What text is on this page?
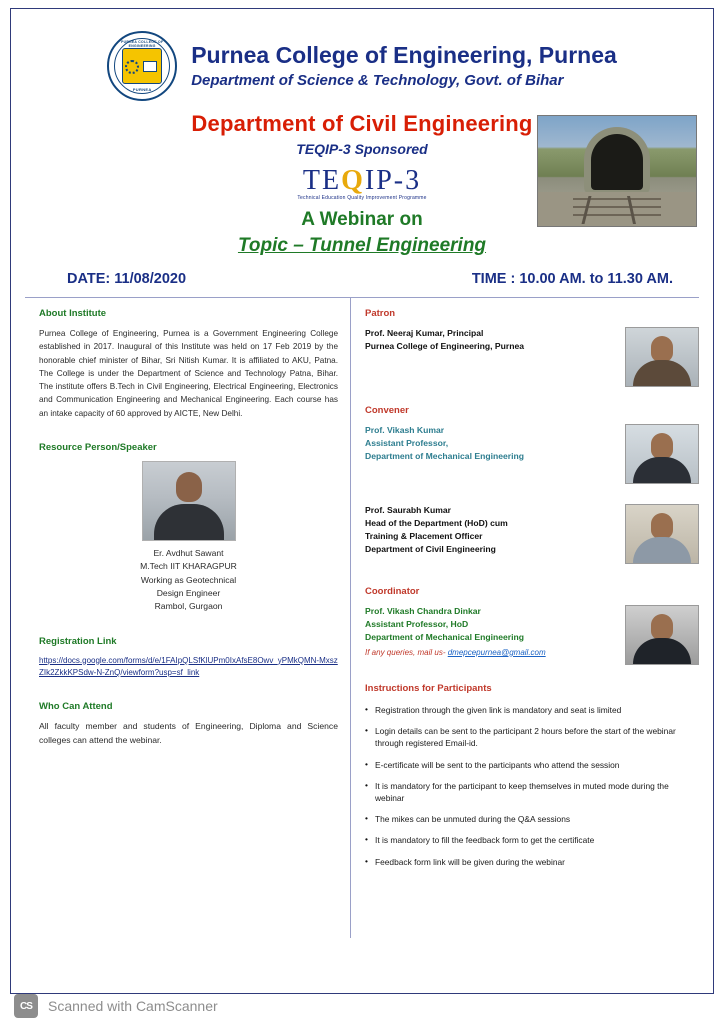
PURNEA COLLEGE OF ENGINEERING
PURNEA
Purnea College of Engineering, Purnea
Department of Science & Technology, Govt. of Bihar
Department of Civil Engineering
TEQIP-3 Sponsored
TEQIP-3
Technical Education Quality Improvement Programme
A Webinar on
Topic – Tunnel Engineering
DATE: 11/08/2020	TIME : 10.00 AM. to 11.30 AM.
About Institute
Purnea College of Engineering, Purnea is a Government Engineering College established in 2017. Inaugural of this Institute was held on 17 Feb 2019 by the honorable chief minister of Bihar, Sri Nitish Kumar. It is affiliated to AKU, Patna. The College is under the Department of Science and Technology Patna, Bihar. The institute offers B.Tech in Civil Engineering, Electrical Engineering, Electronics and Communication Engineering and Mechanical Engineering. Each course has an intake capacity of 60 approved by AICTE, New Delhi.
Resource Person/Speaker
Er. Avdhut Sawant
M.Tech IIT KHARAGPUR
Working as Geotechnical
Design Engineer
Rambol, Gurgaon
Registration Link
https://docs.google.com/forms/d/e/1FAIpQLSfKlUPm0IxAfsE8Owv_yPMkQMN-MxszZIk2ZkkKPSdw-N-ZnQ/viewform?usp=sf_link
Who Can Attend
All faculty member and students of Engineering, Diploma and Science colleges can attend the webinar.
Patron
Prof. Neeraj Kumar, Principal
Purnea College of Engineering, Purnea
Convener
Prof. Vikash Kumar
Assistant Professor,
Department of Mechanical Engineering
Prof. Saurabh Kumar
Head of the Department (HoD) cum
Training & Placement Officer
Department of Civil Engineering
Coordinator
Prof. Vikash Chandra Dinkar
Assistant Professor, HoD
Department of Mechanical Engineering
If any queries, mail us- dmepcepurnea@gmail.com
Instructions for Participants
• Registration through the given link is mandatory and seat is limited
• Login details can be sent to the participant 2 hours before the start of the webinar through registered Email-id.
• E-certificate will be sent to the participants who attend the session
• It is mandatory for the participant to keep themselves in muted mode during the webinar
• The mikes can be unmuted during the Q&A sessions
• It is mandatory to fill the feedback form to get the certificate
• Feedback form link will be given during the webinar
CS	Scanned with CamScanner
